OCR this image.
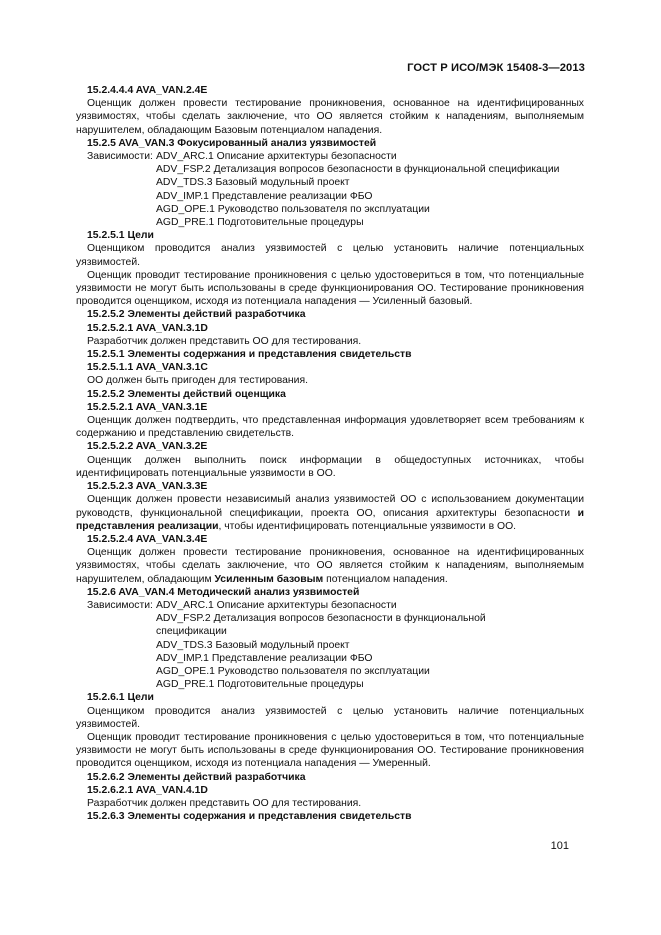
ГОСТ Р ИСО/МЭК 15408-3—2013
15.2.4.4.4 AVA_VAN.2.4E
Оценщик должен провести тестирование проникновения, основанное на идентифицированных уязвимостях, чтобы сделать заключение, что ОО является стойким к нападениям, выполняемым нарушителем, обладающим Базовым потенциалом нападения.
15.2.5 AVA_VAN.3 Фокусированный анализ уязвимостей
Зависимости: ADV_ARC.1 Описание архитектуры безопасности
ADV_FSP.2 Детализация вопросов безопасности в функциональной спецификации
ADV_TDS.3 Базовый модульный проект
ADV_IMP.1 Представление реализации ФБО
AGD_OPE.1 Руководство пользователя по эксплуатации
AGD_PRE.1 Подготовительные процедуры
15.2.5.1 Цели
Оценщиком проводится анализ уязвимостей с целью установить наличие потенциальных уязвимостей.
Оценщик проводит тестирование проникновения с целью удостовериться в том, что потенциальные уязвимости не могут быть использованы в среде функционирования ОО. Тестирование проникновения проводится оценщиком, исходя из потенциала нападения — Усиленный базовый.
15.2.5.2 Элементы действий разработчика
15.2.5.2.1 AVA_VAN.3.1D
Разработчик должен представить ОО для тестирования.
15.2.5.1 Элементы содержания и представления свидетельств
15.2.5.1.1 AVA_VAN.3.1C
ОО должен быть пригоден для тестирования.
15.2.5.2 Элементы действий оценщика
15.2.5.2.1 AVA_VAN.3.1E
Оценщик должен подтвердить, что представленная информация удовлетворяет всем требованиям к содержанию и представлению свидетельств.
15.2.5.2.2 AVA_VAN.3.2E
Оценщик должен выполнить поиск информации в общедоступных источниках, чтобы идентифицировать потенциальные уязвимости в ОО.
15.2.5.2.3 AVA_VAN.3.3E
Оценщик должен провести независимый анализ уязвимостей ОО с использованием документации руководств, функциональной спецификации, проекта ОО, описания архитектуры безопасности и представления реализации, чтобы идентифицировать потенциальные уязвимости в ОО.
15.2.5.2.4 AVA_VAN.3.4E
Оценщик должен провести тестирование проникновения, основанное на идентифицированных уязвимостях, чтобы сделать заключение, что ОО является стойким к нападениям, выполняемым нарушителем, обладающим Усиленным базовым потенциалом нападения.
15.2.6 AVA_VAN.4 Методический анализ уязвимостей
Зависимости: ADV_ARC.1 Описание архитектуры безопасности
ADV_FSP.2 Детализация вопросов безопасности в функциональной спецификации
ADV_TDS.3 Базовый модульный проект
ADV_IMP.1 Представление реализации ФБО
AGD_OPE.1 Руководство пользователя по эксплуатации
AGD_PRE.1 Подготовительные процедуры
15.2.6.1 Цели
Оценщиком проводится анализ уязвимостей с целью установить наличие потенциальных уязвимостей.
Оценщик проводит тестирование проникновения с целью удостовериться в том, что потенциальные уязвимости не могут быть использованы в среде функционирования ОО. Тестирование проникновения проводится оценщиком, исходя из потенциала нападения — Умеренный.
15.2.6.2 Элементы действий разработчика
15.2.6.2.1 AVA_VAN.4.1D
Разработчик должен представить ОО для тестирования.
15.2.6.3 Элементы содержания и представления свидетельств
101
